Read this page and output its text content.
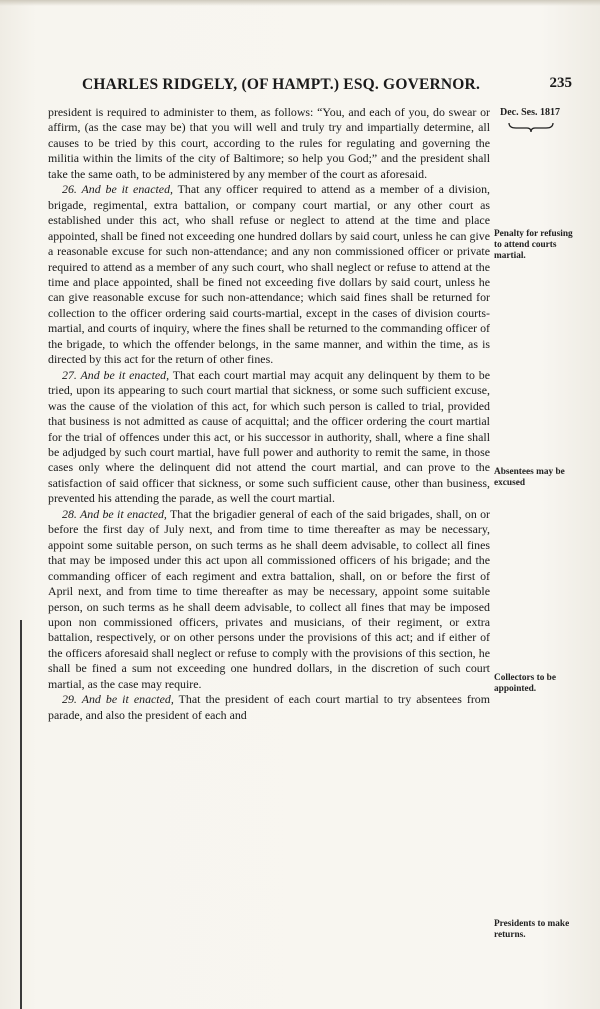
CHARLES RIDGELY, (OF HAMPT.) ESQ. GOVERNOR.	235

president is required to administer to them, as follows: “You, and each of you, do swear or affirm, (as the case may be) that you will well and truly try and impartially determine, all causes to be tried by this court, according to the rules for regulating and governing the militia within the limits of the city of Baltimore; so help you God;” and the president shall take the same oath, to be administered by any member of the court as aforesaid.

26. And be it enacted, That any officer required to attend as a member of a division, brigade, regimental, extra battalion, or company court martial, or any other court as established under this act, who shall refuse or neglect to attend at the time and place appointed, shall be fined not exceeding one hundred dollars by said court, unless he can give a reasonable excuse for such non-attendance; and any non commissioned officer or private required to attend as a member of any such court, who shall neglect or refuse to attend at the time and place appointed, shall be fined not exceeding five dollars by said court, unless he can give reasonable excuse for such non-attendance; which said fines shall be returned for collection to the officer ordering said courts-martial, except in the cases of division courts-martial, and courts of inquiry, where the fines shall be returned to the commanding officer of the brigade, to which the offender belongs, in the same manner, and within the time, as is directed by this act for the return of other fines.

27. And be it enacted, That each court martial may acquit any delinquent by them to be tried, upon its appearing to such court martial that sickness, or some such sufficient excuse, was the cause of the violation of this act, for which such person is called to trial, provided that business is not admitted as cause of acquittal; and the officer ordering the court martial for the trial of offences under this act, or his successor in authority, shall, where a fine shall be adjudged by such court martial, have full power and authority to remit the same, in those cases only where the delinquent did not attend the court martial, and can prove to the satisfaction of said officer that sickness, or some such sufficient cause, other than business, prevented his attending the parade, as well the court martial.

28. And be it enacted, That the brigadier general of each of the said brigades, shall, on or before the first day of July next, and from time to time thereafter as may be necessary, appoint some suitable person, on such terms as he shall deem advisable, to collect all fines that may be imposed under this act upon all commissioned officers of his brigade; and the commanding officer of each regiment and extra battalion, shall, on or before the first of April next, and from time to time thereafter as may be necessary, appoint some suitable person, on such terms as he shall deem advisable, to collect all fines that may be imposed upon non commissioned officers, privates and musicians, of their regiment, or extra battalion, respectively, or on other persons under the provisions of this act; and if either of the officers aforesaid shall neglect or refuse to comply with the provisions of this section, he shall be fined a sum not exceeding one hundred dollars, in the discretion of such court martial, as the case may require.

29. And be it enacted, That the president of each court martial to try absentees from parade, and also the president of each and

Dec. Ses. 1817
Penalty for refusing to attend courts martial.
Absentees may be excused
Collectors to be appointed.
Presidents to make returns.
